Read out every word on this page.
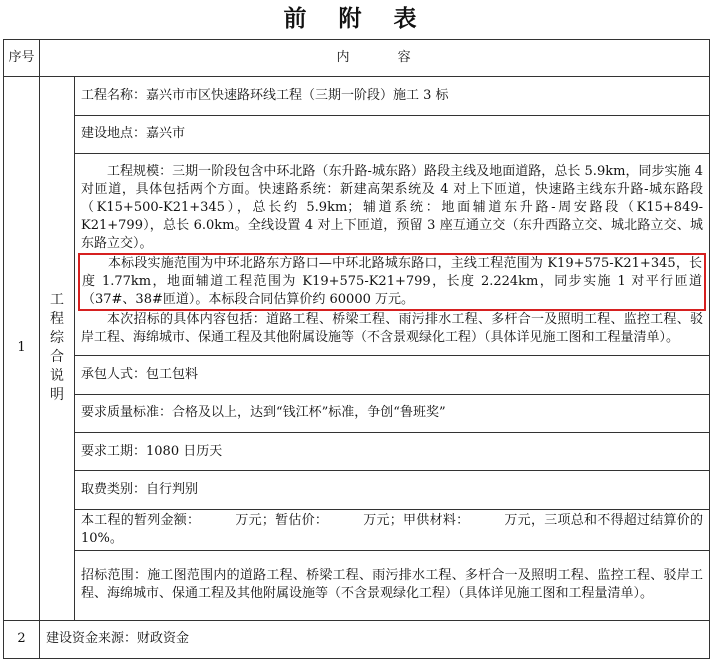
前 附 表
序号	内 容	
1	工程综合说明	工程名称：嘉兴市市区快速路环线工程（三期一阶段）施工 3 标
		建设地点：嘉兴市

		工程规模：三期一阶段包含中环北路（东升路-城东路）路段主线及地面道路，总长 5.9km，同步实施 4 对匝道，具体包括两个方面。快速路系统：新建高架系统及 4 对上下匝道，快速路主线东升路-城东路段（K15+500-K21+345），总长约 5.9km；辅道系统：地面辅道东升路-周安路段（K15+849-K21+799），总长 6.0km。全线设置 4 对上下匝道，预留 3 座互通立交（东升西路立交、城北路立交、城东路立交）。

本标段实施范围为中环北路东方路口—中环北路城东路口，主线工程范围为 K19+575-K21+345，长度 1.77km，地面辅道工程范围为 K19+575-K21+799，长度 2.224km，同步实施 1 对平行匝道（37#、38#匝道）。本标段合同估算价约 60000 万元。

本次招标的具体内容包括：道路工程、桥梁工程、雨污排水工程、多杆合一及照明工程、监控工程、驳岸工程、海绵城市、保通工程及其他附属设施等（不含景观绿化工程）（具体详见施工图和工程量清单）。

		承包人式：包工包料
		要求质量标准：合格及以上，达到“钱江杯”标准，争创“鲁班奖”
		要求工期：1080 日历天
		取费类别：自行判别

		本工程的暂列金额：        万元；暂估价：        万元；甲供材料：        万元，三项总和不得超过结算价的 10%。

		招标范围：施工图范围内的道路工程、桥梁工程、雨污排水工程、多杆合一及照明工程、监控工程、驳岸工程、海绵城市、保通工程及其他附属设施等（不含景观绿化工程）（具体详见施工图和工程量清单）。

2	建设资金来源：财政资金	
